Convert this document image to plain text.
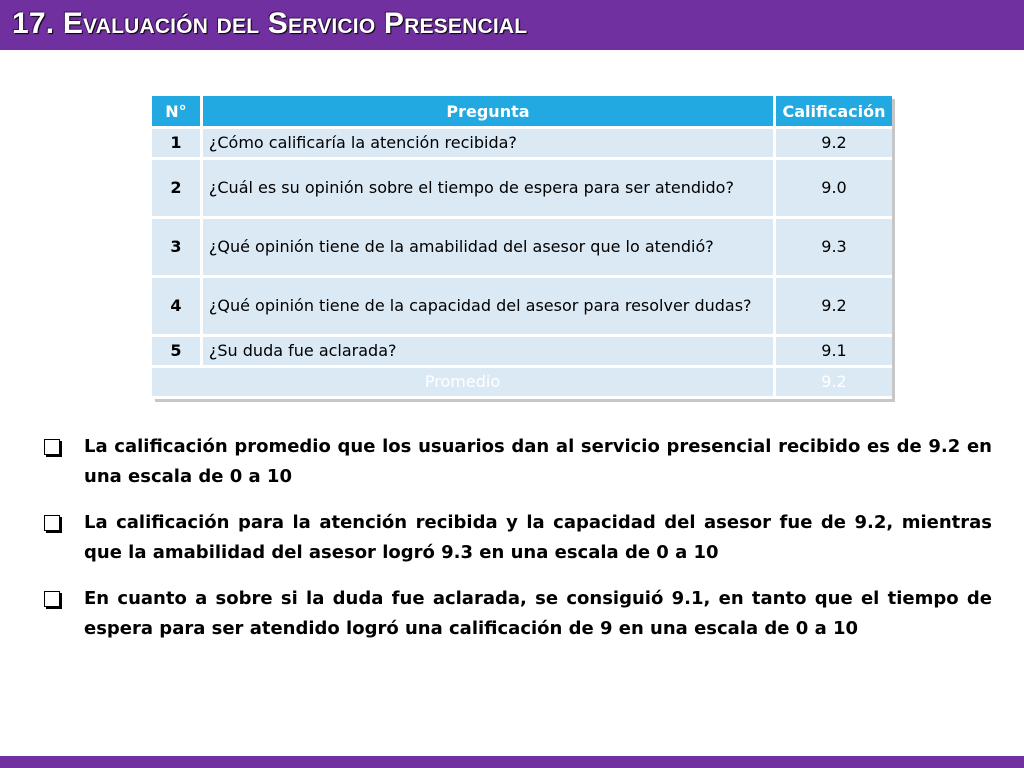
17. Evaluación del Servicio Presencial
N°	Pregunta	Calificación
1	¿Cómo calificaría la atención recibida?	9.2
2	¿Cuál es su opinión sobre el tiempo de espera para ser atendido?	9.0
3	¿Qué opinión tiene de la amabilidad del asesor que lo atendió?	9.3
4	¿Qué opinión tiene de la capacidad del asesor para resolver dudas?	9.2
5	¿Su duda fue aclarada?	9.1
Promedio		9.2
La calificación promedio que los usuarios dan al servicio presencial recibido es de 9.2 en una escala de 0 a 10
La calificación para la atención recibida y la capacidad del asesor fue de 9.2, mientras que la amabilidad del asesor logró 9.3 en una escala de 0 a 10
En cuanto a sobre si la duda fue aclarada, se consiguió 9.1, en tanto que el tiempo de espera para ser atendido logró una calificación de 9 en una escala de 0 a 10
